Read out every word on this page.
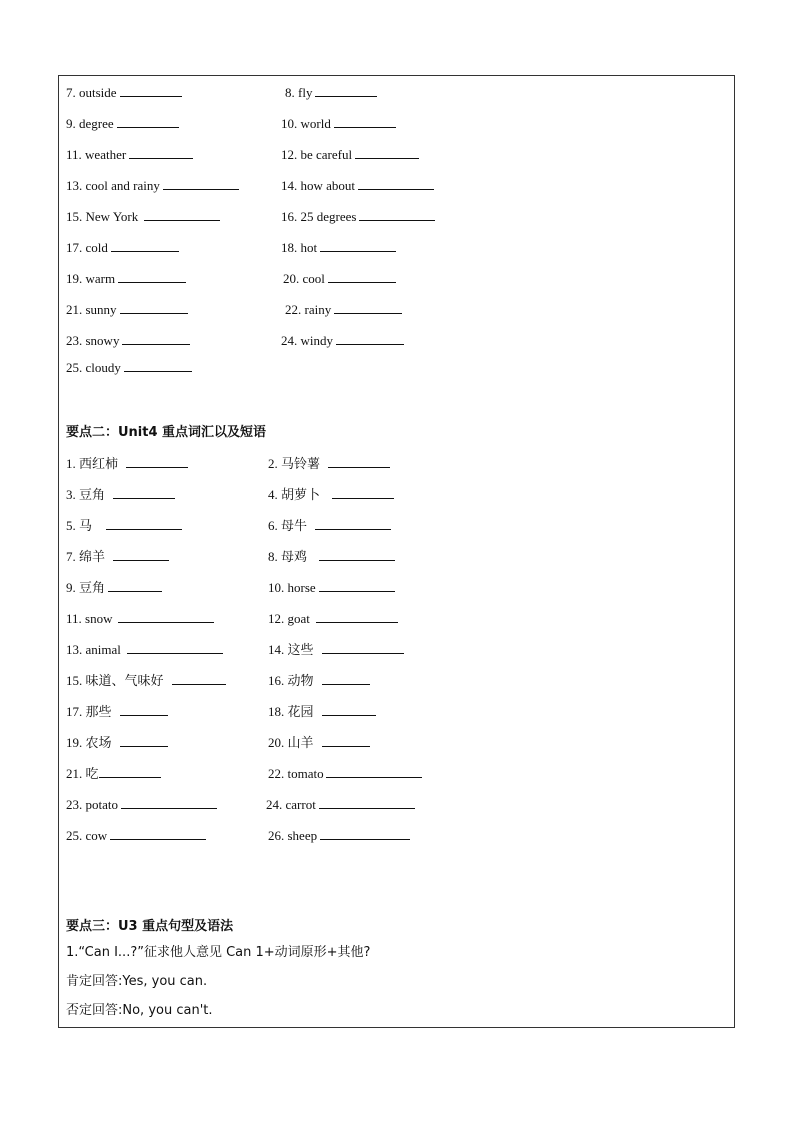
7. outside	8. fly
9. degree	10. world
11. weather	12. be careful
13. cool and rainy	14. how about
15. New York	16. 25 degrees
17. cold	18. hot
19. warm	20. cool
21. sunny	22. rainy
23. snowy	24. windy
25. cloudy
要点二：Unit4 重点词汇以及短语
1. 西红柿	2. 马铃薯
3. 豆角	4. 胡萝卜
5. 马	6. 母牛
7. 绵羊	8. 母鸡
9. 豆角	10. horse
11. snow	12. goat
13. animal	14. 这些
15. 味道、气味好	16. 动物
17. 那些	18. 花园
19. 农场	20. 山羊
21. 吃	22. tomato
23. potato	24. carrot
25. cow	26. sheep
要点三：U3 重点句型及语法
1.“Can I...?”征求他人意见 Can 1+动词原形+其他?
肯定回答:Yes, you can.
否定回答:No, you can't.
